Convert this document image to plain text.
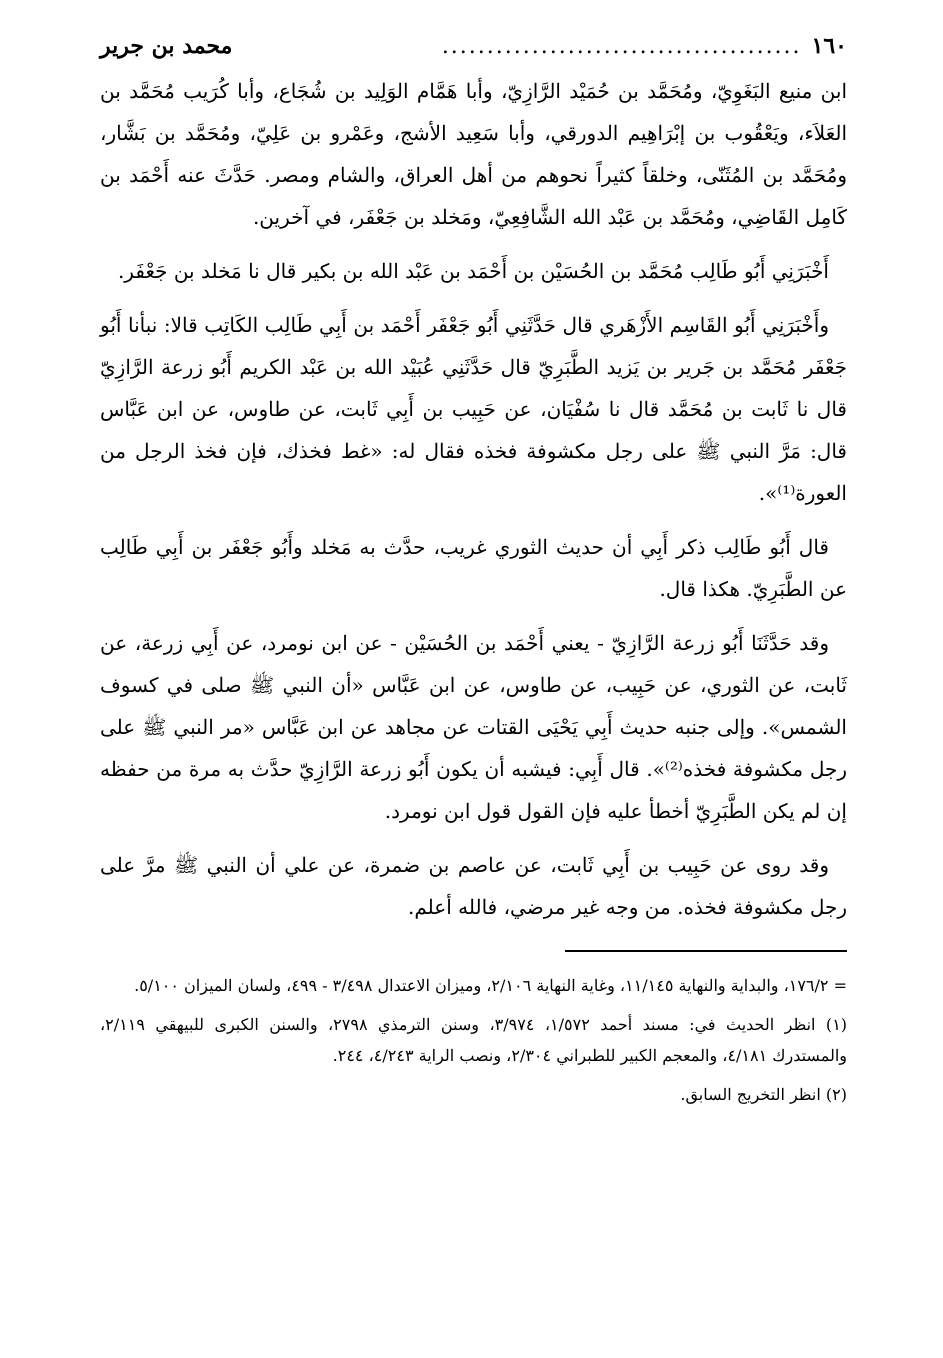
١٦٠
........................................
محمد بن جرير

ابن منيع البَغَوِيّ، ومُحَمَّد بن حُمَيْد الرَّازِيّ، وأبا هَمَّام الوَلِيد بن شُجَاع، وأبا كُرَيب مُحَمَّد بن العَلاَء، ويَعْقُوب بن إبْرَاهِيم الدورقي، وأبا سَعِيد الأشج، وعَمْرو بن عَلِيّ، ومُحَمَّد بن بَشَّار، ومُحَمَّد بن المُثَنّى، وخلقاً كثيراً نحوهم من أهل العراق، والشام ومصر. حَدَّثَ عنه أَحْمَد بن كَامِل القَاضِي، ومُحَمَّد بن عَبْد الله الشَّافِعِيّ، ومَخلد بن جَعْفَر، في آخرين.

أَخْبَرَنِي أَبُو طَالِب مُحَمَّد بن الحُسَيْن بن أَحْمَد بن عَبْد الله بن بكير قال نا مَخلد بن جَعْفَر.

وأَخْبَرَنِي أَبُو القَاسِم الأَزْهَري قال حَدَّثَنِي أَبُو جَعْفَر أَحْمَد بن أَبِي طَالِب الكَاتِب قالا: نبأنا أَبُو جَعْفَر مُحَمَّد بن جَرير بن يَزيد الطَّبَرِيّ قال حَدَّثَنِي عُبَيْد الله بن عَبْد الكريم أَبُو زرعة الرَّازِيّ قال نا ثَابت بن مُحَمَّد قال نا سُفْيَان، عن حَبِيب بن أَبِي ثَابت، عن طاوس، عن ابن عَبَّاس قال: مَرَّ النبي ﷺ على رجل مكشوفة فخذه فقال له: «غط فخذك، فإن فخذ الرجل من العورة⁽¹⁾».

قال أَبُو طَالِب ذكر أَبِي أن حديث الثوري غريب، حدَّث به مَخلد وأَبُو جَعْفَر بن أَبِي طَالِب عن الطَّبَرِيّ. هكذا قال.

وقد حَدَّثَنَا أَبُو زرعة الرَّازِيّ - يعني أَحْمَد بن الحُسَيْن - عن ابن نومرد، عن أَبِي زرعة، عن ثَابت، عن الثوري، عن حَبِيب، عن طاوس، عن ابن عَبَّاس «أن النبي ﷺ صلى في كسوف الشمس». وإلى جنبه حديث أَبِي يَحْيَى القتات عن مجاهد عن ابن عَبَّاس «مر النبي ﷺ على رجل مكشوفة فخذه⁽²⁾». قال أَبِي: فيشبه أن يكون أَبُو زرعة الرَّازِيّ حدَّث به مرة من حفظه إن لم يكن الطَّبَرِيّ أخطأ عليه فإن القول قول ابن نومرد.

وقد روى عن حَبِيب بن أَبِي ثَابت، عن عاصم بن ضمرة، عن علي أن النبي ﷺ مرَّ على رجل مكشوفة فخذه. من وجه غير مرضي، فالله أعلم.

= ١٧٦/٢، والبداية والنهاية ١١/١٤٥، وغاية النهاية ٢/١٠٦، وميزان الاعتدال ٣/٤٩٨ - ٤٩٩، ولسان الميزان ٥/١٠٠.

(١) انظر الحديث في: مسند أحمد ١/٥٧٢، ٣/٩٧٤، وسنن الترمذي ٢٧٩٨، والسنن الكبرى للبيهقي ٢/١١٩، والمستدرك ٤/١٨١، والمعجم الكبير للطبراني ٢/٣٠٤، ونصب الراية ٤/٢٤٣، ٢٤٤.

(٢) انظر التخريج السابق.
